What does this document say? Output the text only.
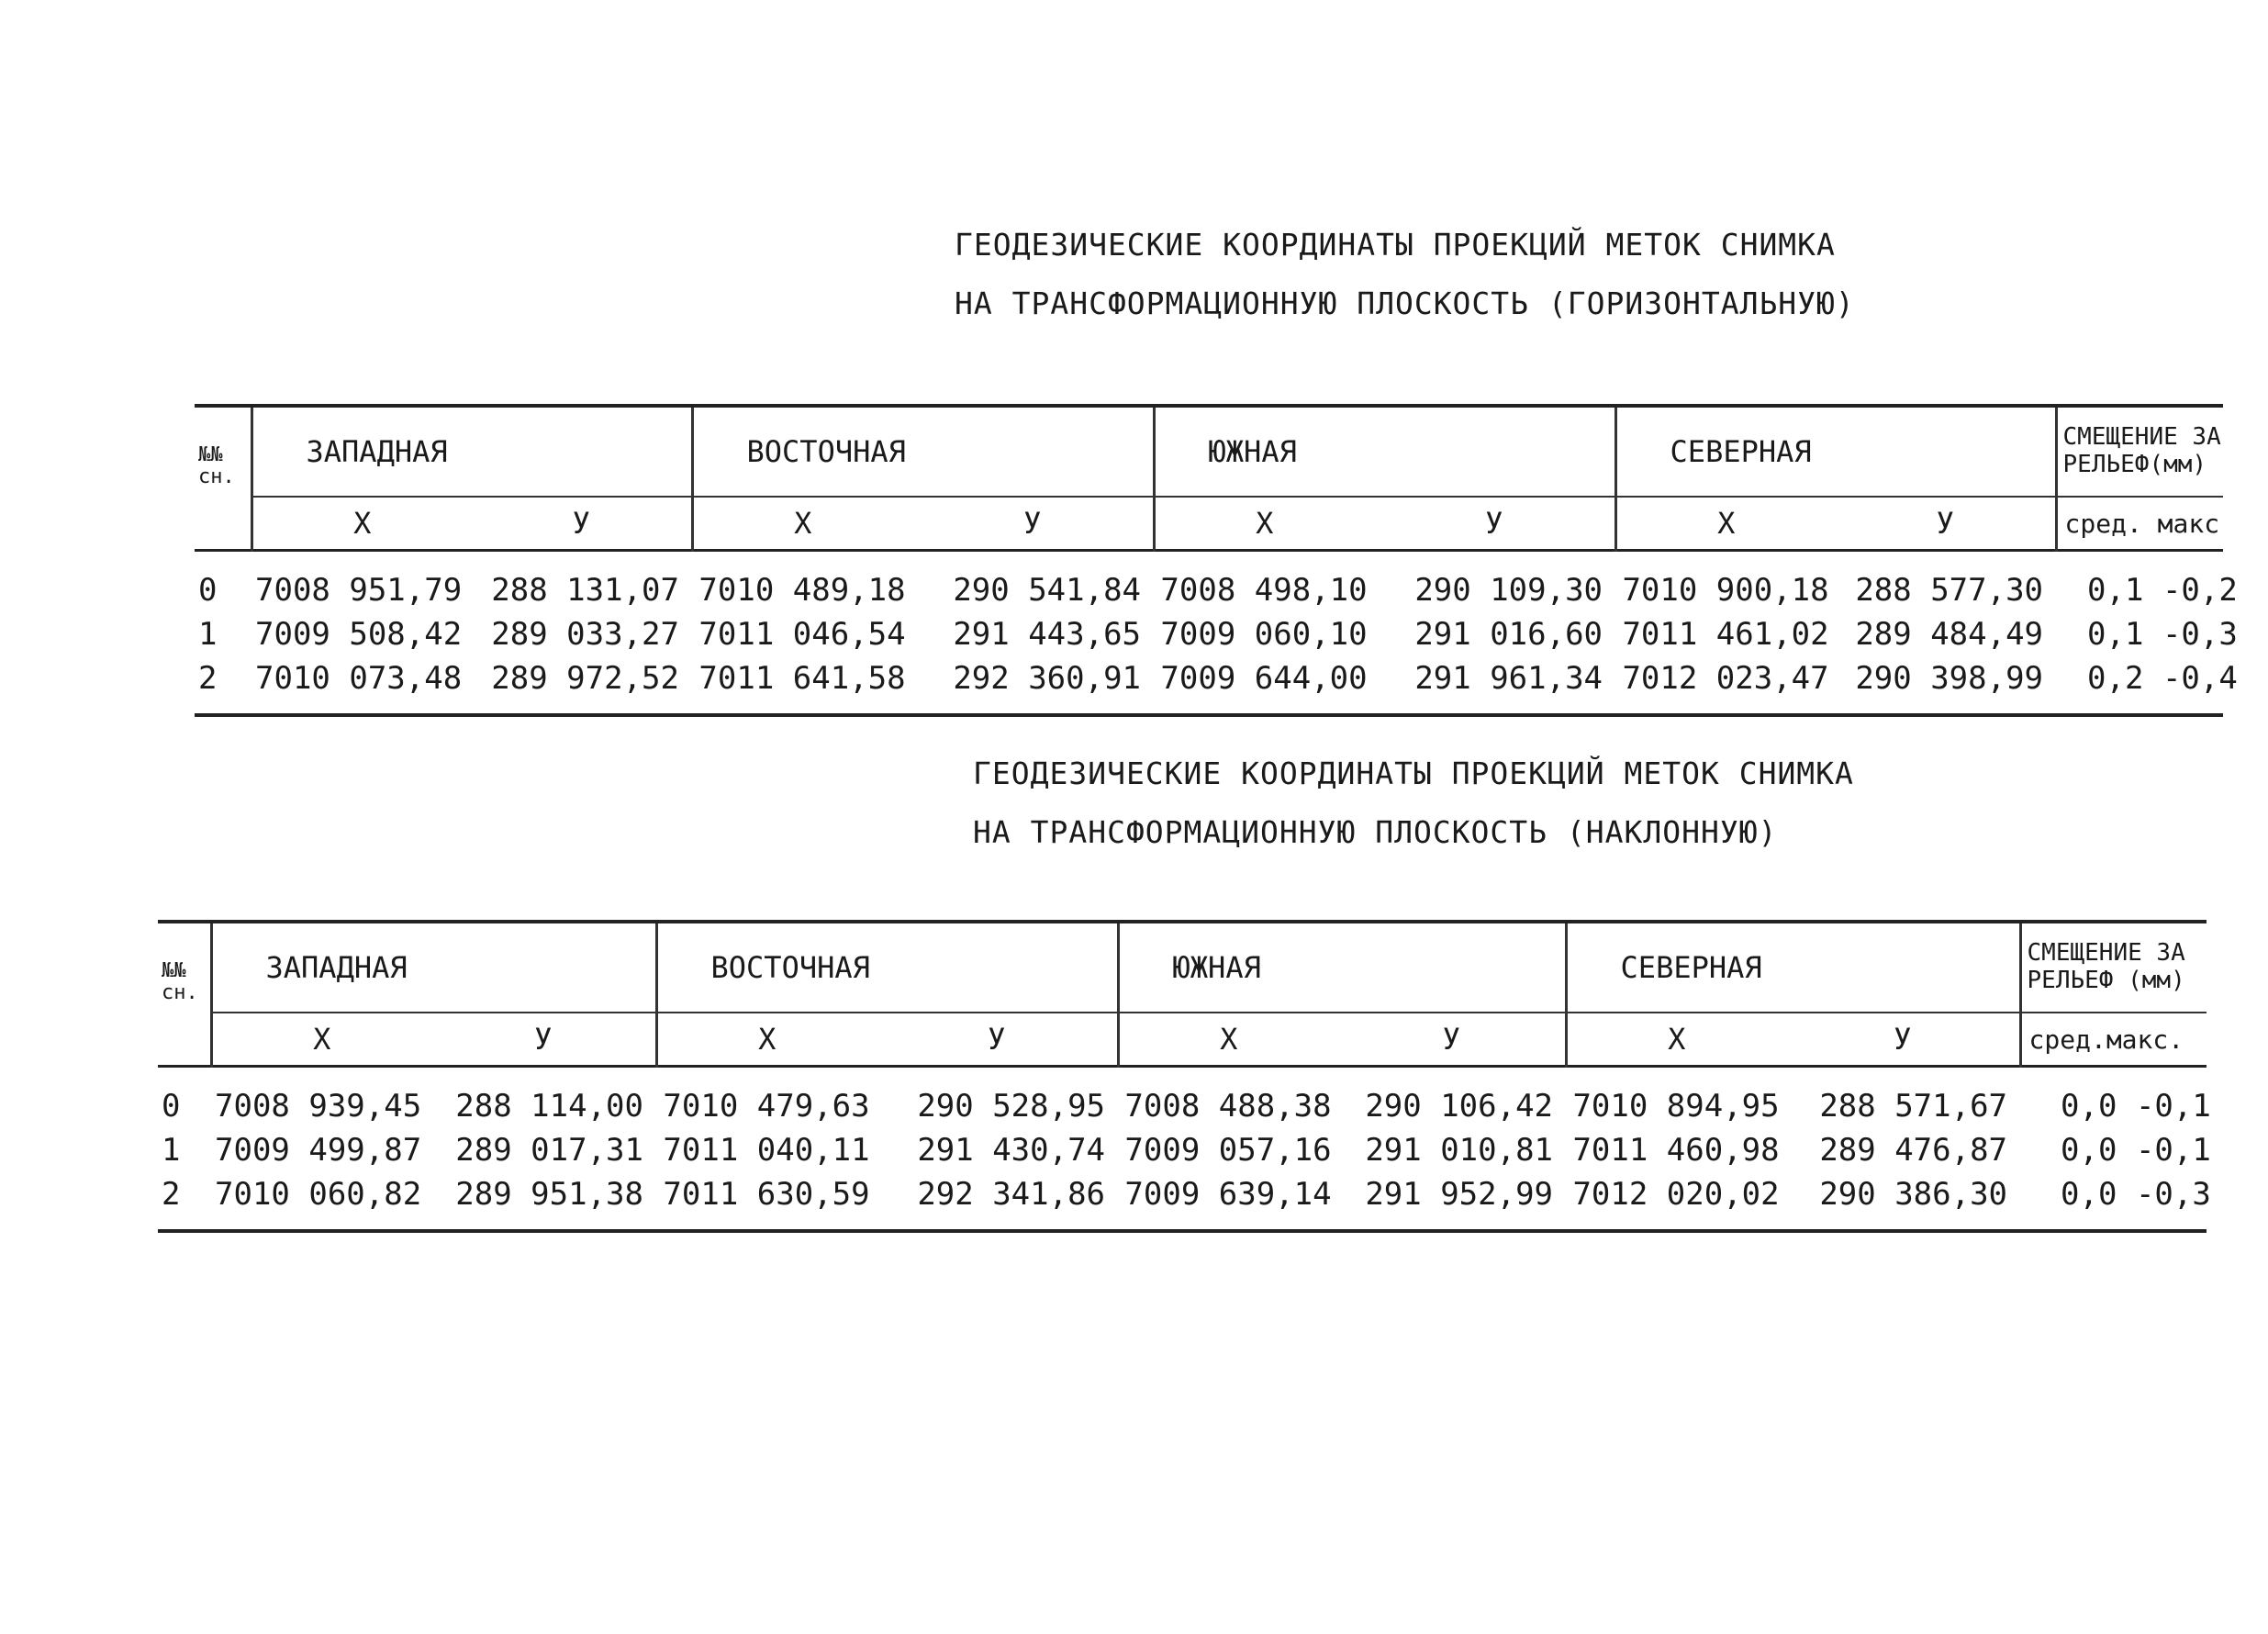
ГЕОДЕЗИЧЕСКИЕ КООРДИНАТЫ ПРОЕКЦИЙ МЕТОК СНИМКА
НА ТРАНСФОРМАЦИОННУЮ ПЛОСКОСТЬ (ГОРИЗОНТАЛЬНУЮ)
№№
сн.	ЗАПАДНАЯ		ВОСТОЧНАЯ		ЮЖНАЯ		СЕВЕРНАЯ		СМЕЩЕНИЕ ЗА РЕЛЬЕФ(мм)
	Х	У	Х	У	Х	У	Х	У	сред. макс

0	7008 951,79	288 131,07	7010 489,18	290 541,84	7008 498,10	290 109,30	7010 900,18	288 577,30	0,1 -0,2
1	7009 508,42	289 033,27	7011 046,54	291 443,65	7009 060,10	291 016,60	7011 461,02	289 484,49	0,1 -0,3
2	7010 073,48	289 972,52	7011 641,58	292 360,91	7009 644,00	291 961,34	7012 023,47	290 398,99	0,2 -0,4

ГЕОДЕЗИЧЕСКИЕ КООРДИНАТЫ ПРОЕКЦИЙ МЕТОК СНИМКА
НА ТРАНСФОРМАЦИОННУЮ ПЛОСКОСТЬ (НАКЛОННУЮ)
№№
сн.	ЗАПАДНАЯ		ВОСТОЧНАЯ		ЮЖНАЯ		СЕВЕРНАЯ		СМЕЩЕНИЕ ЗА РЕЛЬЕФ (мм)
	Х	У	Х	У	Х	У	Х	У	сред.макс.

0	7008 939,45	288 114,00	7010 479,63	290 528,95	7008 488,38	290 106,42	7010 894,95	288 571,67	0,0 -0,1
1	7009 499,87	289 017,31	7011 040,11	291 430,74	7009 057,16	291 010,81	7011 460,98	289 476,87	0,0 -0,1
2	7010 060,82	289 951,38	7011 630,59	292 341,86	7009 639,14	291 952,99	7012 020,02	290 386,30	0,0 -0,3
